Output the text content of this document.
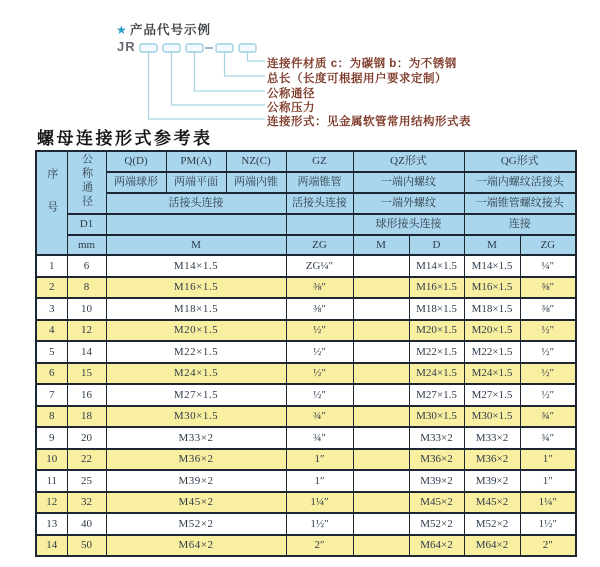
★ 产品代号示例
JR
连接件材质 c：为碳钢 b：为不锈钢
总长（长度可根据用户要求定制）
公称通径
公称压力
连接形式：见金属软管常用结构形式表
螺母连接形式参考表
序号	公称通径	Q(D)	PM(A)	NZ(C)	GZ	QZ形式		QG形式	
		两端球形	两端平面	两端内锥	两端锥管	一端内螺纹		一端内螺纹活接头	
		活接头连接			活接头连接	一端外螺纹		一端锥管螺纹接头	
	D1					球形接头连接		连接	
	mm	M			ZG	M	D	M	ZG
1	6	M14×1.5			ZG¼″		M14×1.5	M14×1.5	¼″
2	8	M16×1.5			⅜″		M16×1.5	M16×1.5	⅜″
3	10	M18×1.5			⅜″		M18×1.5	M18×1.5	⅜″
4	12	M20×1.5			½″		M20×1.5	M20×1.5	½″
5	14	M22×1.5			½″		M22×1.5	M22×1.5	½″
6	15	M24×1.5			½″		M24×1.5	M24×1.5	½″
7	16	M27×1.5			½″		M27×1.5	M27×1.5	½″
8	18	M30×1.5			¾″		M30×1.5	M30×1.5	¾″
9	20	M33×2			¾″		M33×2	M33×2	¾″
10	22	M36×2			1″		M36×2	M36×2	1″
11	25	M39×2			1″		M39×2	M39×2	1″
12	32	M45×2			1¼″		M45×2	M45×2	1¼″
13	40	M52×2			1½″		M52×2	M52×2	1½″
14	50	M64×2			2″		M64×2	M64×2	2″
